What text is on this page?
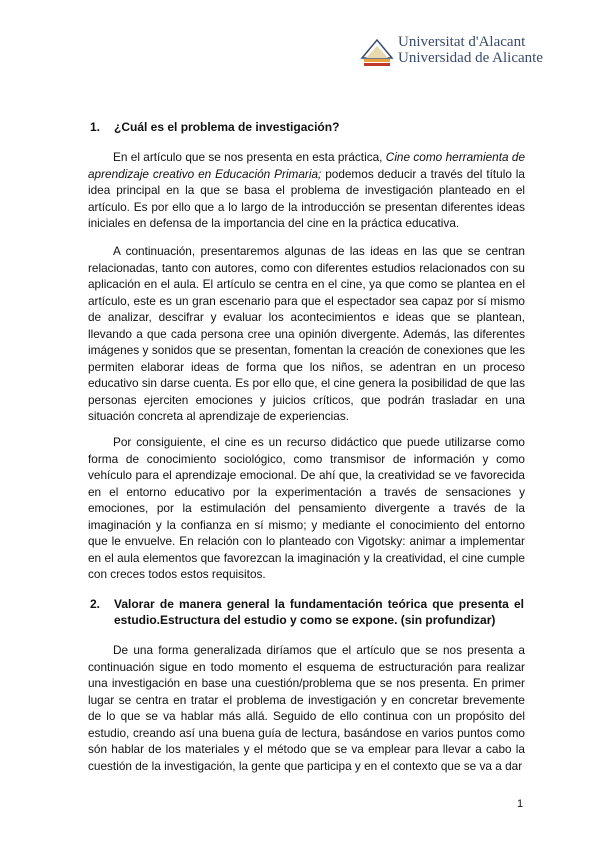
Universitat d'Alacant
Universidad de Alicante
1. ¿Cuál es el problema de investigación?
En el artículo que se nos presenta en esta práctica, Cine como herramienta de aprendizaje creativo en Educación Primaria; podemos deducir a través del título la idea principal en la que se basa el problema de investigación planteado en el artículo. Es por ello que a lo largo de la introducción se presentan diferentes ideas iniciales en defensa de la importancia del cine en la práctica educativa.
A continuación, presentaremos algunas de las ideas en las que se centran relacionadas, tanto con autores, como con diferentes estudios relacionados con su aplicación en el aula. El artículo se centra en el cine, ya que como se plantea en el artículo, este es un gran escenario para que el espectador sea capaz por sí mismo de analizar, descifrar y evaluar los acontecimientos e ideas que se plantean, llevando a que cada persona cree una opinión divergente. Además, las diferentes imágenes y sonidos que se presentan, fomentan la creación de conexiones que les permiten elaborar ideas de forma que los niños, se adentran en un proceso educativo sin darse cuenta. Es por ello que, el cine genera la posibilidad de que las personas ejerciten emociones y juicios críticos, que podrán trasladar en una situación concreta al aprendizaje de experiencias.
Por consiguiente, el cine es un recurso didáctico que puede utilizarse como forma de conocimiento sociológico, como transmisor de información y como vehículo para el aprendizaje emocional. De ahí que, la creatividad se ve favorecida en el entorno educativo por la experimentación a través de sensaciones y emociones, por la estimulación del pensamiento divergente a través de la imaginación y la confianza en sí mismo; y mediante el conocimiento del entorno que le envuelve. En relación con lo planteado con Vigotsky: animar a implementar en el aula elementos que favorezcan la imaginación y la creatividad, el cine cumple con creces todos estos requisitos.
2. Valorar de manera general la fundamentación teórica que presenta el estudio.Estructura del estudio y como se expone. (sin profundizar)
De una forma generalizada diríamos que el artículo que se nos presenta a continuación sigue en todo momento el esquema de estructuración para realizar una investigación en base una cuestión/problema que se nos presenta. En primer lugar se centra en tratar el problema de investigación y en concretar brevemente de lo que se va hablar más allá. Seguido de ello continua con un propósito del estudio, creando así una buena guía de lectura, basándose en varios puntos como són hablar de los materiales y el método que se va emplear para llevar a cabo la cuestión de la investigación, la gente que participa y en el contexto que se va a dar
1
